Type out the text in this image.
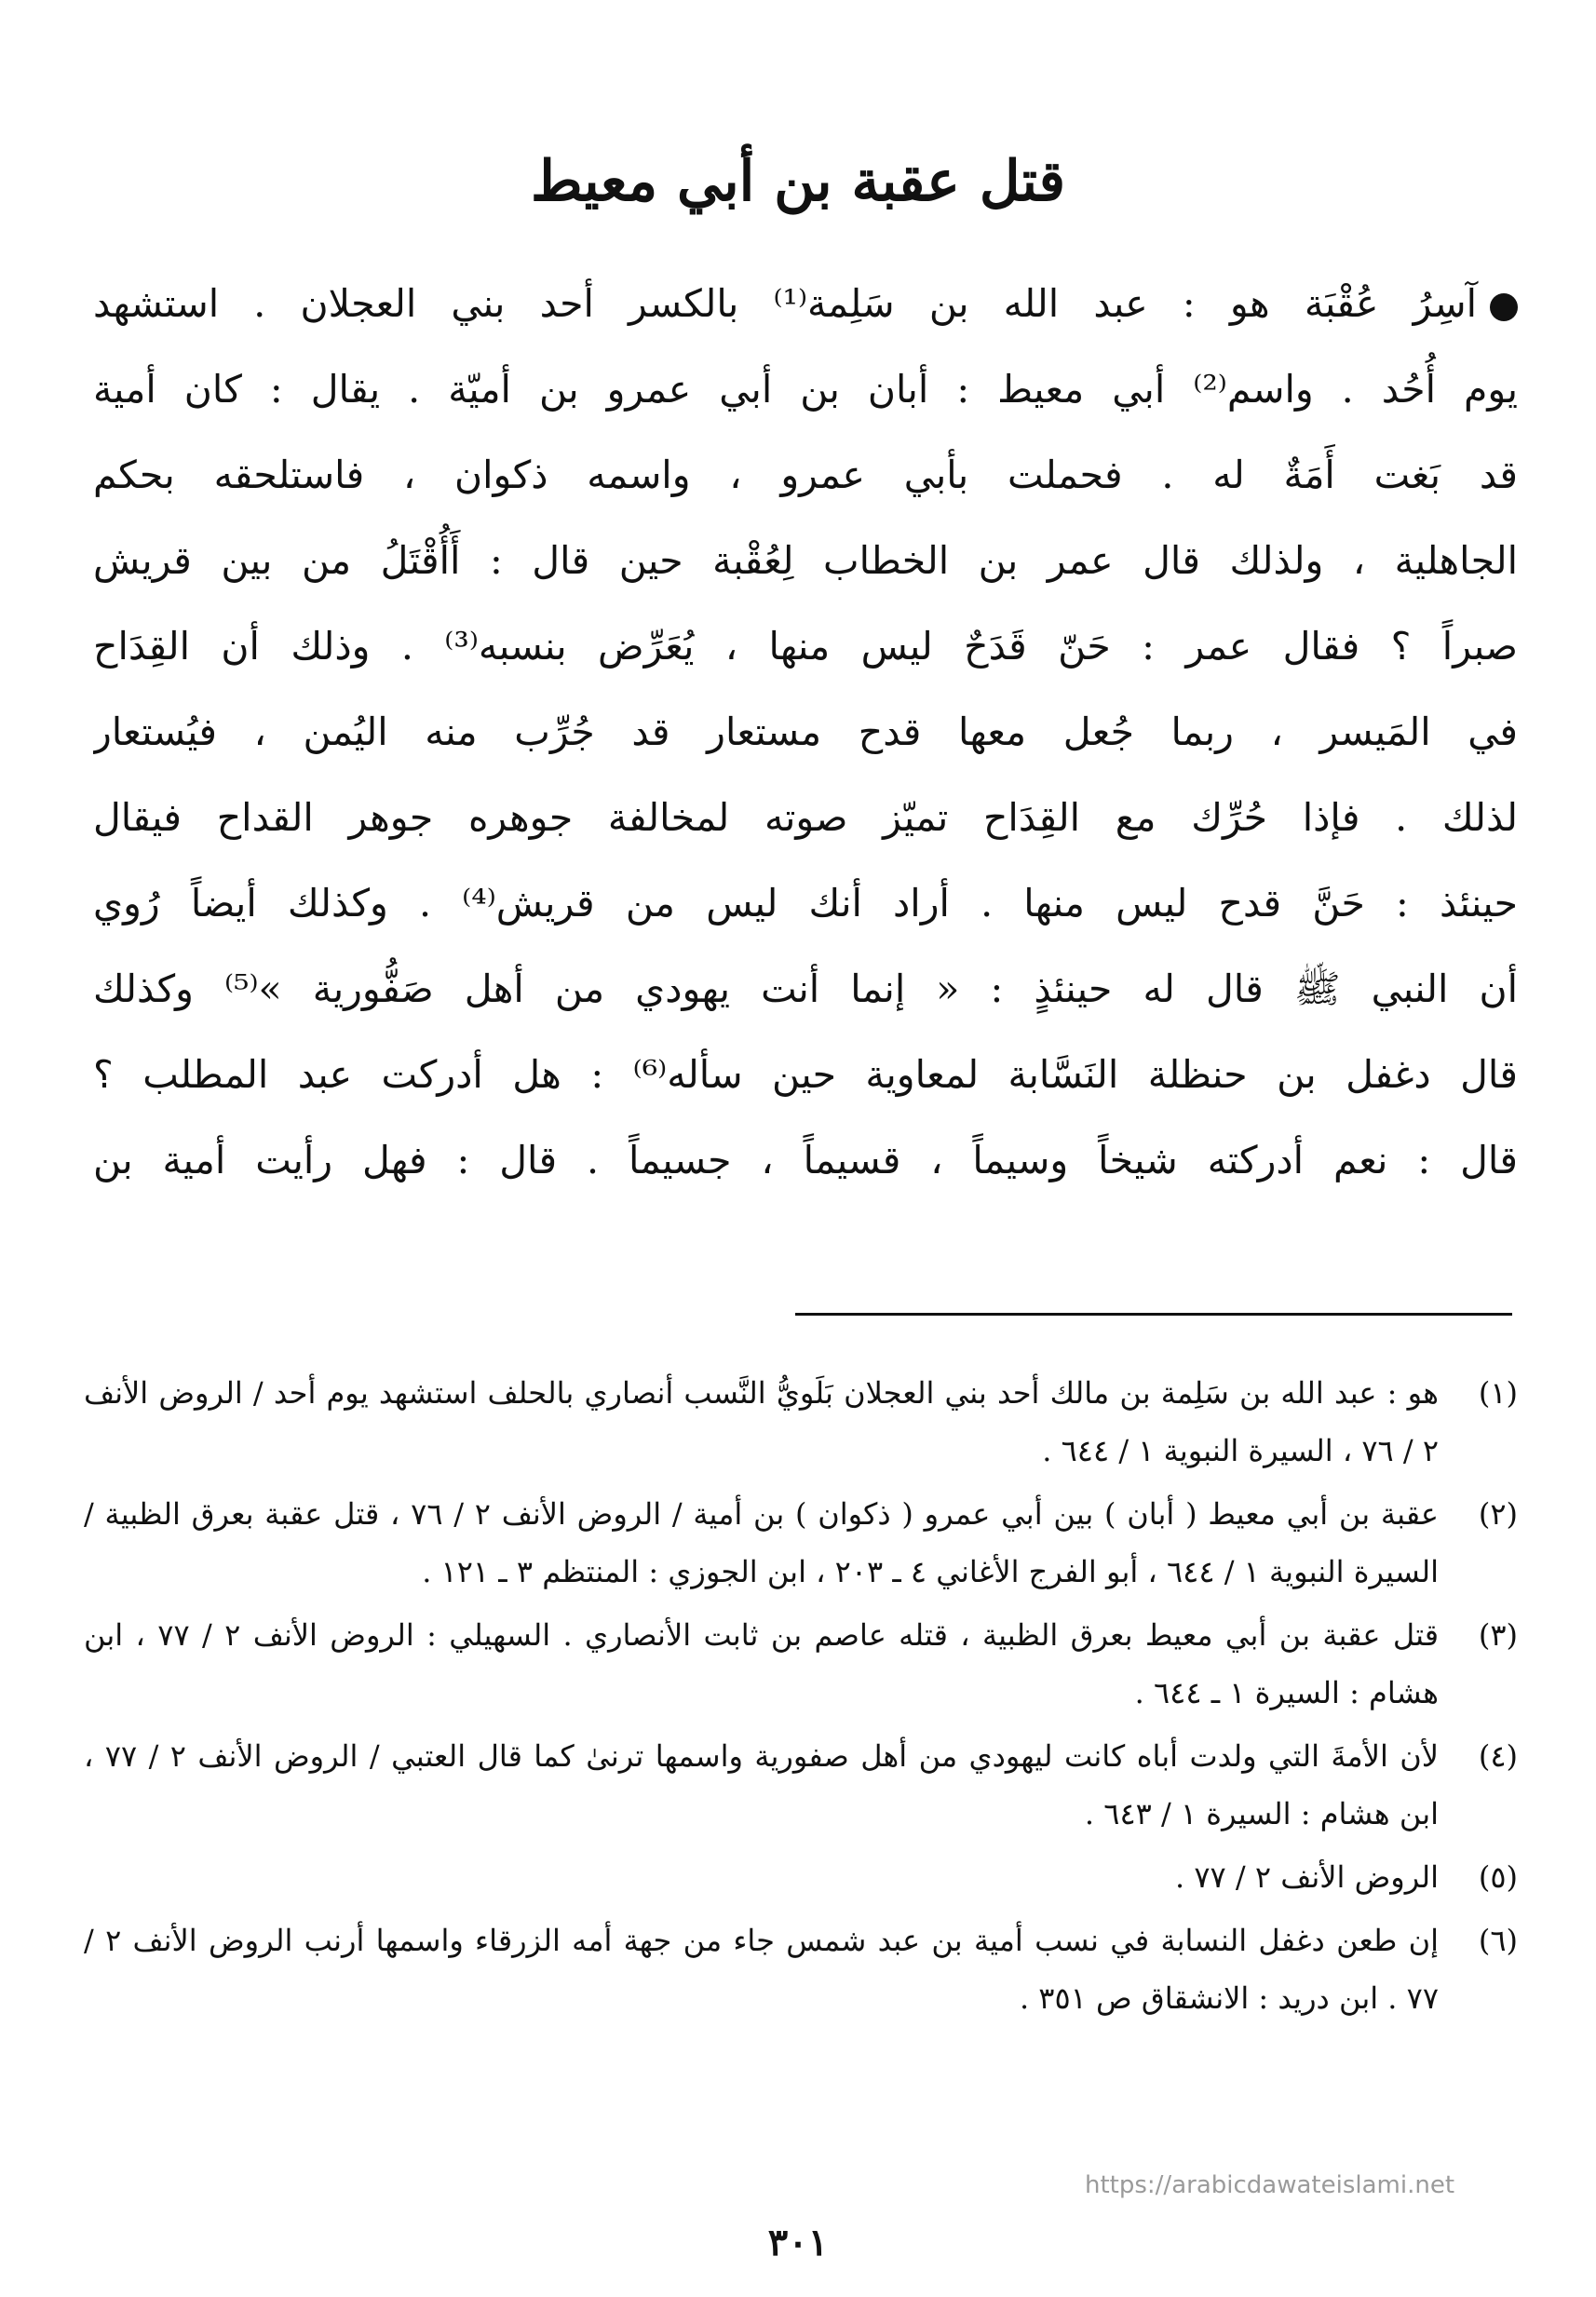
قتل عقبة بن أبي معيط
آسِرُ عُقْبَة هو : عبد الله بن سَلِمة⁽¹⁾ بالكسر أحد بني العجلان . استشهد
يوم أُحُد . واسم⁽²⁾ أبي معيط : أبان بن أبي عمرو بن أميّة . يقال : كان أمية
قد بَغت أَمَةٌ له . فحملت بأبي عمرو ، واسمه ذكوان ، فاستلحقه بحكم
الجاهلية ، ولذلك قال عمر بن الخطاب لِعُقْبة حين قال : أَأُقْتَلُ من بين قريش
صبراً ؟ فقال عمر : حَنّ قَدَحٌ ليس منها ، يُعَرِّض بنسبه⁽³⁾ . وذلك أن القِدَاح
في المَيسر ، ربما جُعل معها قدح مستعار قد جُرِّب منه اليُمن ، فيُستعار
لذلك . فإذا حُرِّك مع القِدَاح تميّز صوته لمخالفة جوهره جوهر القداح فيقال
حينئذ : حَنَّ قدح ليس منها . أراد أنك ليس من قريش⁽⁴⁾ . وكذلك أيضاً رُوي
أن النبي ﷺ قال له حينئذٍ : « إنما أنت يهودي من أهل صَفُّورية »⁽⁵⁾ وكذلك
قال دغفل بن حنظلة النَسَّابة لمعاوية حين سأله⁽⁶⁾ : هل أدركت عبد المطلب ؟
قال : نعم أدركته شيخاً وسيماً ، قسيماً ، جسيماً . قال : فهل رأيت أمية بن
(١)
هو : عبد الله بن سَلِمة بن مالك أحد بني العجلان بَلَويُّ النَّسب أنصاري بالحلف استشهد يوم أحد / الروض الأنف ٢ / ٧٦ ، السيرة النبوية ١ / ٦٤٤ .
(٢)
عقبة بن أبي معيط ( أبان ) بين أبي عمرو ( ذكوان ) بن أمية / الروض الأنف ٢ / ٧٦ ، قتل عقبة بعرق الظبية / السيرة النبوية ١ / ٦٤٤ ، أبو الفرج الأغاني ٤ ـ ٢٠٣ ، ابن الجوزي : المنتظم ٣ ـ ١٢١ .
(٣)
قتل عقبة بن أبي معيط بعرق الظبية ، قتله عاصم بن ثابت الأنصاري . السهيلي : الروض الأنف ٢ / ٧٧ ، ابن هشام : السيرة ١ ـ ٦٤٤ .
(٤)
لأن الأمةَ التي ولدت أباه كانت ليهودي من أهل صفورية واسمها ترنىٰ كما قال العتبي / الروض الأنف ٢ / ٧٧ ، ابن هشام : السيرة ١ / ٦٤٣ .
(٥)
الروض الأنف ٢ / ٧٧ .
(٦)
إن طعن دغفل النسابة في نسب أمية بن عبد شمس جاء من جهة أمه الزرقاء واسمها أرنب الروض الأنف ٢ / ٧٧ . ابن دريد : الانشقاق ص ٣٥١ .
https://arabicdawateislami.net
٣٠١
